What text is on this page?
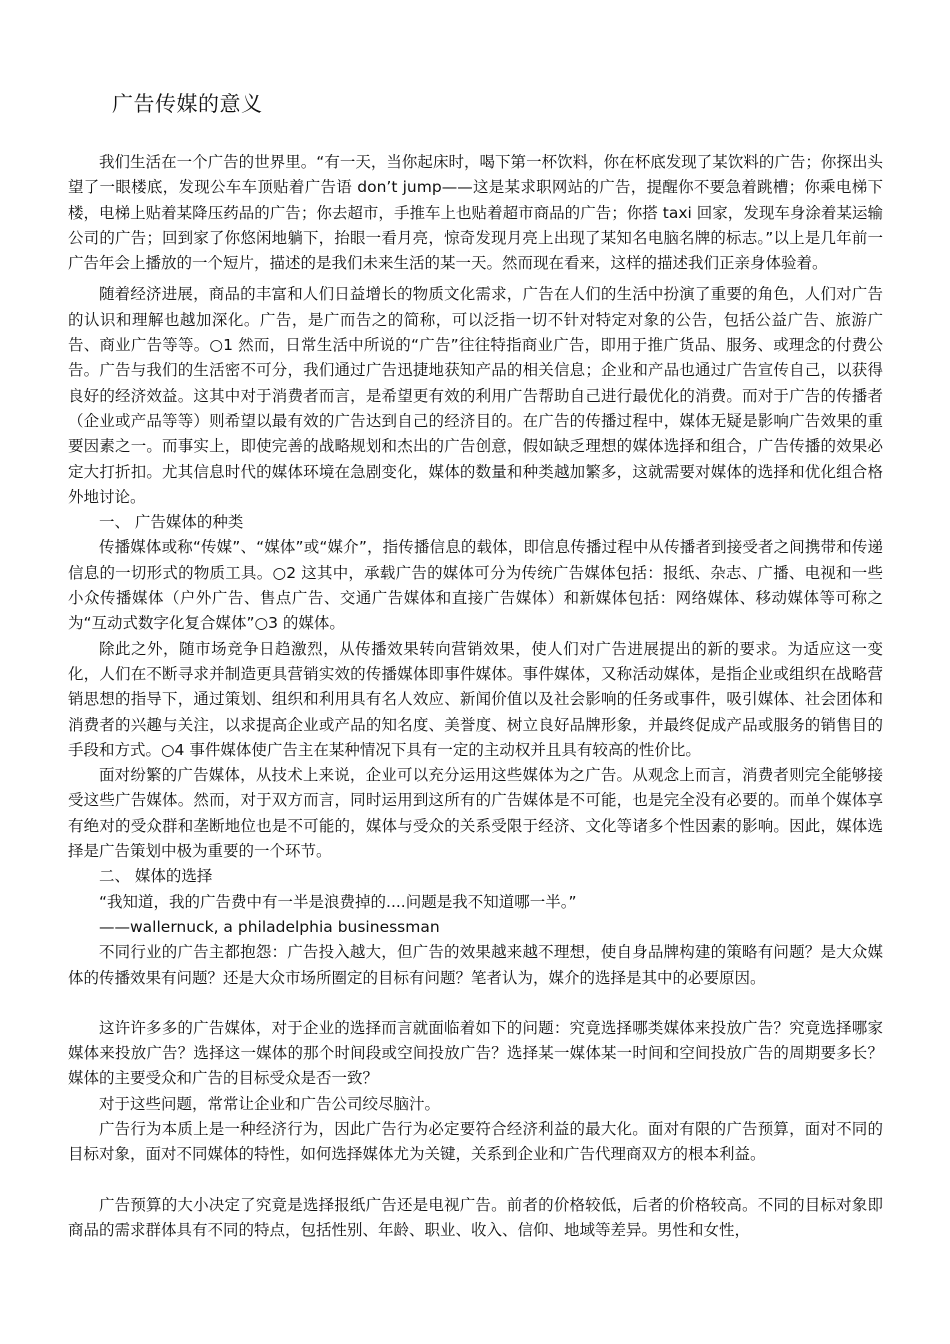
广告传媒的意义

我们生活在一个广告的世界里。“有一天，当你起床时，喝下第一杯饮料，你在杯底发现了某饮料的广告；你探出头望了一眼楼底，发现公车车顶贴着广告语 don’t jump——这是某求职网站的广告，提醒你不要急着跳槽；你乘电梯下楼，电梯上贴着某降压药品的广告；你去超市，手推车上也贴着超市商品的广告；你搭 taxi 回家，发现车身涂着某运输公司的广告；回到家了你悠闲地躺下，抬眼一看月亮，惊奇发现月亮上出现了某知名电脑名牌的标志。”以上是几年前一广告年会上播放的一个短片，描述的是我们未来生活的某一天。然而现在看来，这样的描述我们正亲身体验着。

随着经济进展，商品的丰富和人们日益增长的物质文化需求，广告在人们的生活中扮演了重要的角色，人们对广告的认识和理解也越加深化。广告，是广而告之的简称，可以泛指一切不针对特定对象的公告，包括公益广告、旅游广告、商业广告等等。○1 然而，日常生活中所说的“广告”往往特指商业广告，即用于推广货品、服务、或理念的付费公告。广告与我们的生活密不可分，我们通过广告迅捷地获知产品的相关信息；企业和产品也通过广告宣传自己，以获得良好的经济效益。这其中对于消费者而言，是希望更有效的利用广告帮助自己进行最优化的消费。而对于广告的传播者（企业或产品等等）则希望以最有效的广告达到自己的经济目的。在广告的传播过程中，媒体无疑是影响广告效果的重要因素之一。而事实上，即使完善的战略规划和杰出的广告创意，假如缺乏理想的媒体选择和组合，广告传播的效果必定大打折扣。尤其信息时代的媒体环境在急剧变化，媒体的数量和种类越加繁多，这就需要对媒体的选择和优化组合格外地讨论。

一、 广告媒体的种类

传播媒体或称“传媒”、“媒体”或“媒介”，指传播信息的载体，即信息传播过程中从传播者到接受者之间携带和传递信息的一切形式的物质工具。○2 这其中，承载广告的媒体可分为传统广告媒体包括：报纸、杂志、广播、电视和一些小众传播媒体（户外广告、售点广告、交通广告媒体和直接广告媒体）和新媒体包括：网络媒体、移动媒体等可称之为“互动式数字化复合媒体”○3 的媒体。

除此之外，随市场竞争日趋激烈，从传播效果转向营销效果，使人们对广告进展提出的新的要求。为适应这一变化，人们在不断寻求并制造更具营销实效的传播媒体即事件媒体。事件媒体，又称活动媒体，是指企业或组织在战略营销思想的指导下，通过策划、组织和利用具有名人效应、新闻价值以及社会影响的任务或事件，吸引媒体、社会团体和消费者的兴趣与关注，以求提高企业或产品的知名度、美誉度、树立良好品牌形象，并最终促成产品或服务的销售目的手段和方式。○4 事件媒体使广告主在某种情况下具有一定的主动权并且具有较高的性价比。

面对纷繁的广告媒体，从技术上来说，企业可以充分运用这些媒体为之广告。从观念上而言，消费者则完全能够接受这些广告媒体。然而，对于双方而言，同时运用到这所有的广告媒体是不可能，也是完全没有必要的。而单个媒体享有绝对的受众群和垄断地位也是不可能的，媒体与受众的关系受限于经济、文化等诸多个性因素的影响。因此，媒体选择是广告策划中极为重要的一个环节。

二、 媒体的选择

“我知道，我的广告费中有一半是浪费掉的....问题是我不知道哪一半。”

——wallernuck, a philadelphia businessman

不同行业的广告主都抱怨：广告投入越大，但广告的效果越来越不理想，使自身品牌构建的策略有问题？是大众媒体的传播效果有问题？还是大众市场所圈定的目标有问题？笔者认为，媒介的选择是其中的必要原因。

这许许多多的广告媒体，对于企业的选择而言就面临着如下的问题：究竟选择哪类媒体来投放广告？究竟选择哪家媒体来投放广告？选择这一媒体的那个时间段或空间投放广告？选择某一媒体某一时间和空间投放广告的周期要多长？媒体的主要受众和广告的目标受众是否一致？

对于这些问题，常常让企业和广告公司绞尽脑汁。

广告行为本质上是一种经济行为，因此广告行为必定要符合经济利益的最大化。面对有限的广告预算，面对不同的目标对象，面对不同媒体的特性，如何选择媒体尤为关键，关系到企业和广告代理商双方的根本利益。

广告预算的大小决定了究竟是选择报纸广告还是电视广告。前者的价格较低，后者的价格较高。不同的目标对象即商品的需求群体具有不同的特点，包括性别、年龄、职业、收入、信仰、地域等差异。男性和女性，
